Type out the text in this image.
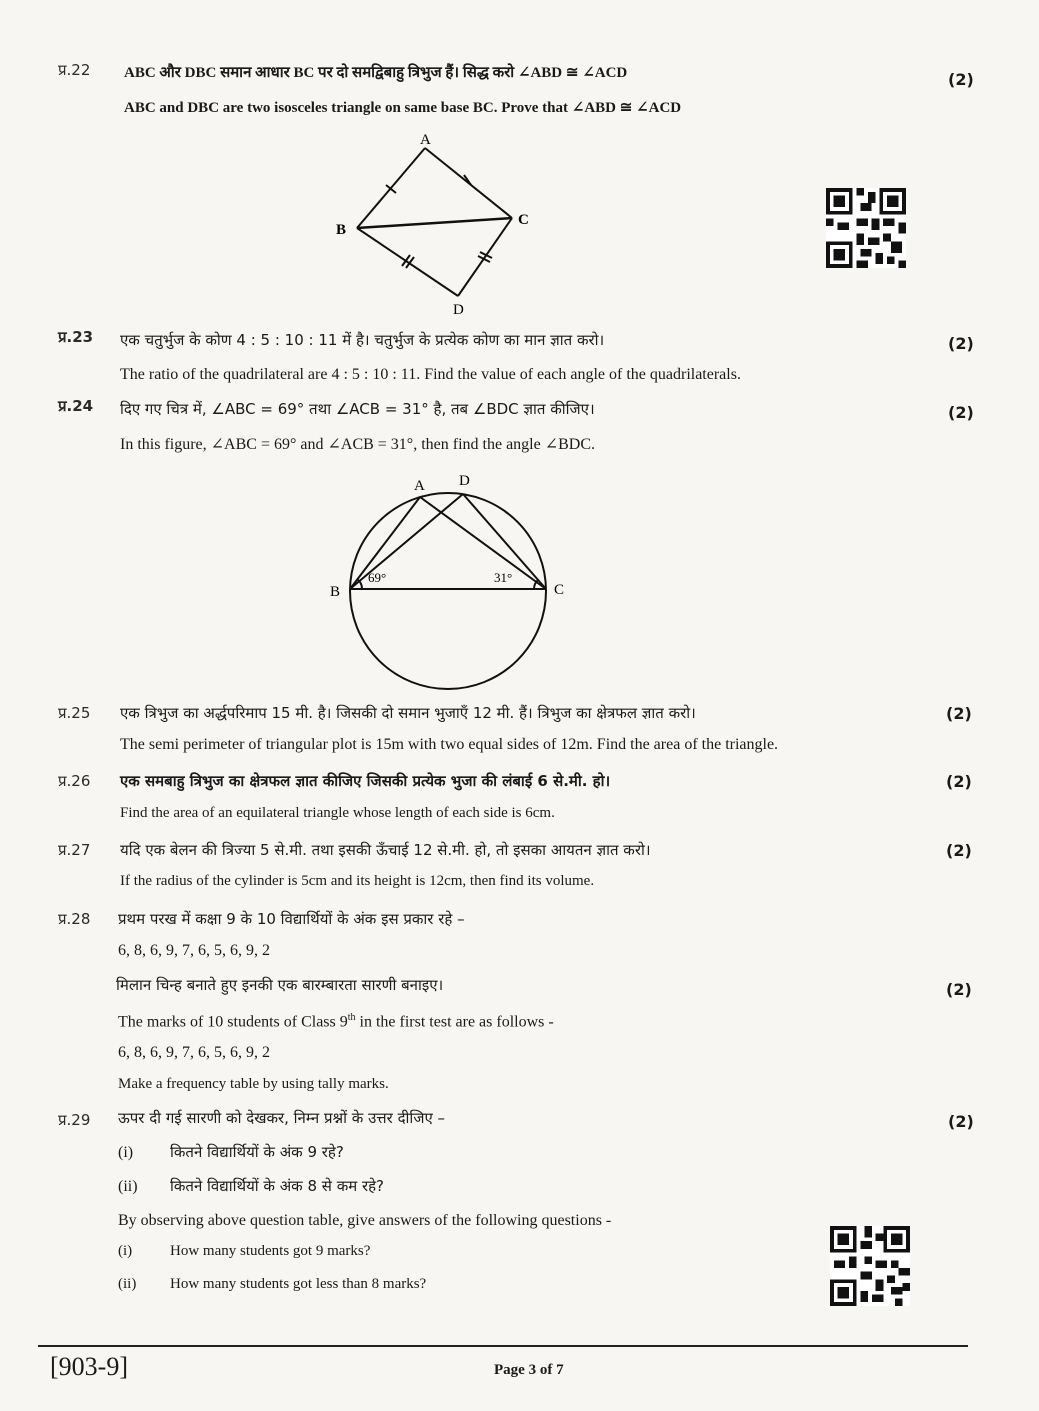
प्र.22 ABC और DBC समान आधार BC पर दो समद्विबाहु त्रिभुज हैं। सिद्ध करो ∠ABD ≅ ∠ACD	(2)
ABC and DBC are two isosceles triangle on same base BC. Prove that ∠ABD ≅ ∠ACD
A
B
C
D
प्र.23 एक चतुर्भुज के कोण 4 : 5 : 10 : 11 में है। चतुर्भुज के प्रत्येक कोण का मान ज्ञात करो।	(2)
The ratio of the quadrilateral are 4 : 5 : 10 : 11. Find the value of each angle of the quadrilaterals.
प्र.24 दिए गए चित्र में, ∠ABC = 69° तथा ∠ACB = 31° है, तब ∠BDC ज्ञात कीजिए।	(2)
In this figure, ∠ABC = 69° and ∠ACB = 31°, then find the angle ∠BDC.
A D
B	C
69°	31°
प्र.25 एक त्रिभुज का अर्द्धपरिमाप 15 मी. है। जिसकी दो समान भुजाएँ 12 मी. हैं। त्रिभुज का क्षेत्रफल ज्ञात करो।	(2)
The semi perimeter of triangular plot is 15m with two equal sides of 12m. Find the area of the triangle.
प्र.26 एक समबाहु त्रिभुज का क्षेत्रफल ज्ञात कीजिए जिसकी प्रत्येक भुजा की लंबाई 6 से.मी. हो।	(2)
Find the area of an equilateral triangle whose length of each side is 6cm.
प्र.27 यदि एक बेलन की त्रिज्या 5 से.मी. तथा इसकी ऊँचाई 12 से.मी. हो, तो इसका आयतन ज्ञात करो।	(2)
If the radius of the cylinder is 5cm and its height is 12cm, then find its volume.
प्र.28 प्रथम परख में कक्षा 9 के 10 विद्यार्थियों के अंक इस प्रकार रहे –
6, 8, 6, 9, 7, 6, 5, 6, 9, 2
मिलान चिन्ह बनाते हुए इनकी एक बारम्बारता सारणी बनाइए।	(2)
The marks of 10 students of Class 9th in the first test are as follows -
6, 8, 6, 9, 7, 6, 5, 6, 9, 2
Make a frequency table by using tally marks.
प्र.29 ऊपर दी गई सारणी को देखकर, निम्न प्रश्नों के उत्तर दीजिए –	(2)
(i) कितने विद्यार्थियों के अंक 9 रहे?
(ii) कितने विद्यार्थियों के अंक 8 से कम रहे?
By observing above question table, give answers of the following questions -
(i)	How many students got 9 marks?
(ii) How many students got less than 8 marks?
[903-9]	Page 3 of 7
